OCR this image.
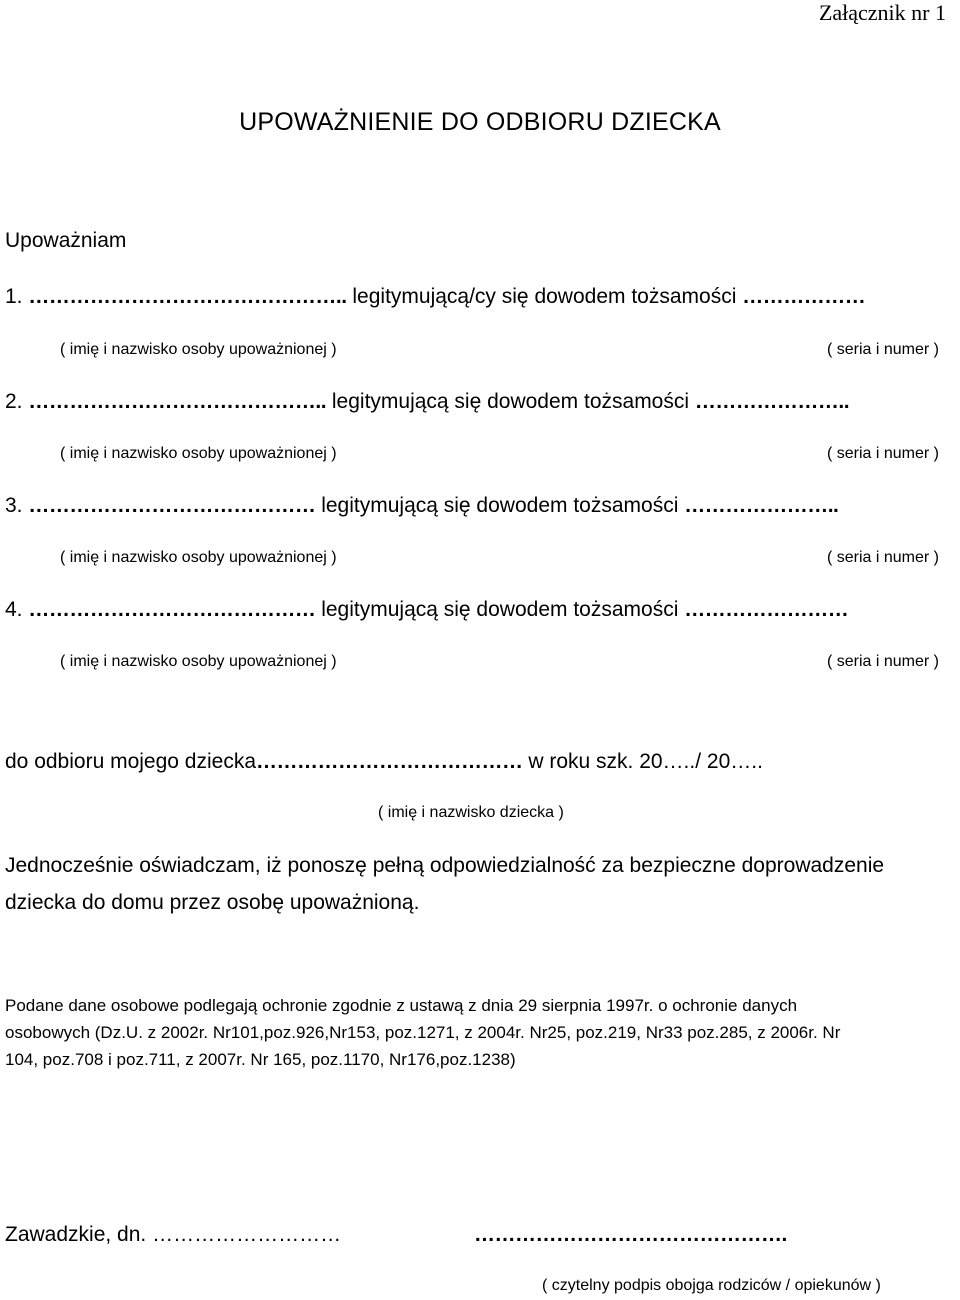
Załącznik nr 1
UPOWAŻNIENIE DO ODBIORU DZIECKA
Upoważniam
1. ……………………………………….. legitymującą/cy się dowodem tożsamości ………………
( imię i nazwisko osoby upoważnionej )	( seria i numer )
2. …………………………………….. legitymującą się dowodem tożsamości …………………..
( imię i nazwisko osoby upoważnionej )	( seria i numer )
3. …………………………………… legitymującą się dowodem tożsamości …………………..
( imię i nazwisko osoby upoważnionej )	( seria i numer )
4. …………………………………… legitymującą się dowodem tożsamości ……………………
( imię i nazwisko osoby upoważnionej )	( seria i numer )
do odbioru mojego dziecka………………………………… w roku szk. 20…../ 20…..
( imię i nazwisko dziecka )
Jednocześnie oświadczam, iż ponoszę pełną odpowiedzialność za bezpieczne doprowadzenie
dziecka do domu przez osobę upoważnioną.
Podane dane osobowe podlegają ochronie zgodnie z ustawą z dnia 29 sierpnia 1997r. o ochronie danych
osobowych (Dz.U. z 2002r. Nr101,poz.926,Nr153, poz.1271, z 2004r. Nr25, poz.219, Nr33 poz.285, z 2006r. Nr
104, poz.708 i poz.711, z 2007r. Nr 165, poz.1170, Nr176,poz.1238)
Zawadzkie, dn. ………………………	……………………………………….
( czytelny podpis obojga rodziców / opiekunów )
